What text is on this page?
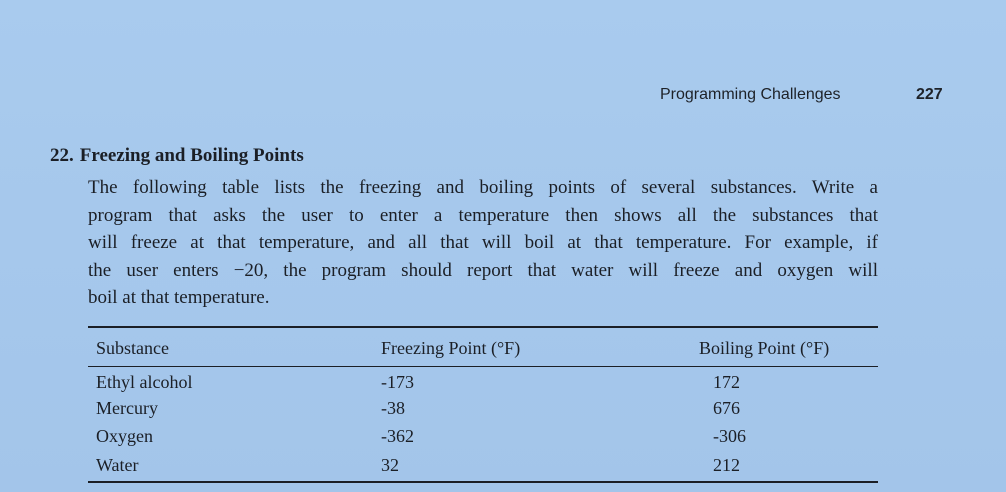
Programming Challenges	227
22. Freezing and Boiling Points

The following table lists the freezing and boiling points of several substances. Write a
program that asks the user to enter a temperature then shows all the substances that
will freeze at that temperature, and all that will boil at that temperature. For example, if
the user enters −20, the program should report that water will freeze and oxygen will
boil at that temperature.

Substance	Freezing Point (°F)	Boiling Point (°F)
Ethyl alcohol	-173	172
Mercury	-38	676
Oxygen	-362	-306
Water	32	212
